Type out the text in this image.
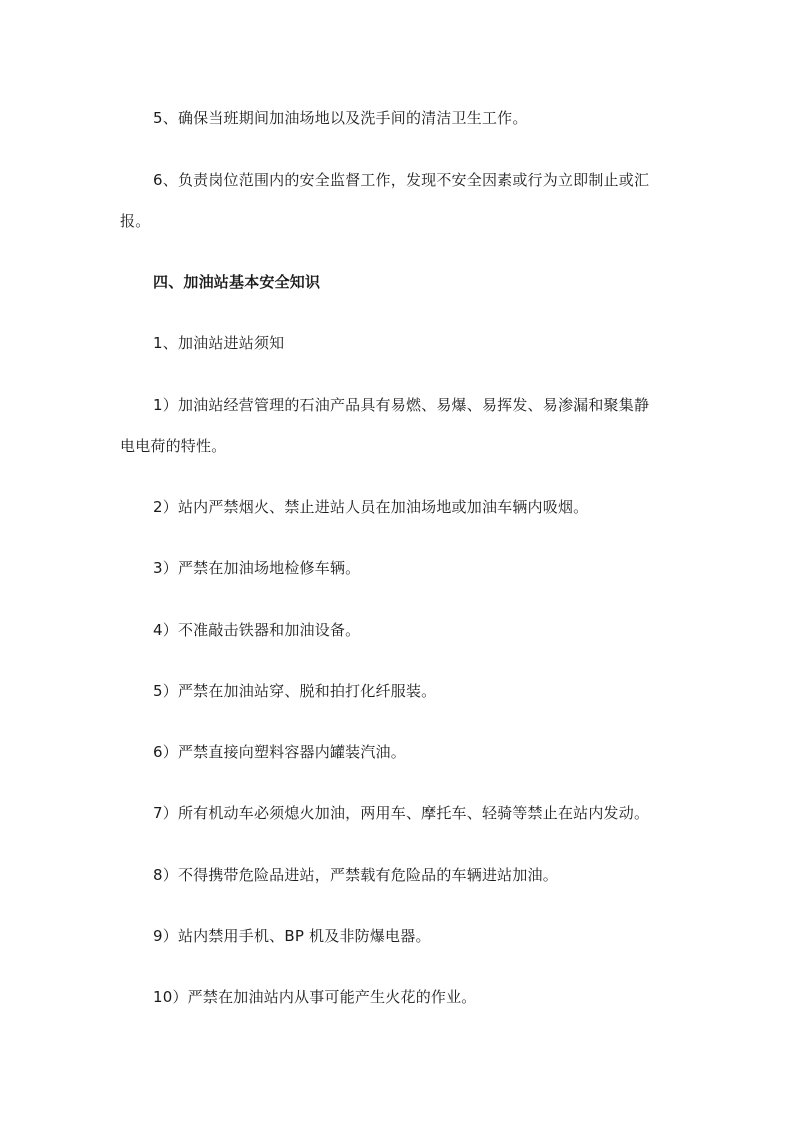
5、确保当班期间加油场地以及洗手间的清洁卫生工作。
6、负责岗位范围内的安全监督工作，发现不安全因素或行为立即制止或汇
报。
四、加油站基本安全知识
1、加油站进站须知
1）加油站经营管理的石油产品具有易燃、易爆、易挥发、易渗漏和聚集静
电电荷的特性。
2）站内严禁烟火、禁止进站人员在加油场地或加油车辆内吸烟。
3）严禁在加油场地检修车辆。
4）不准敲击铁器和加油设备。
5）严禁在加油站穿、脱和拍打化纤服装。
6）严禁直接向塑料容器内罐装汽油。
7）所有机动车必须熄火加油，两用车、摩托车、轻骑等禁止在站内发动。
8）不得携带危险品进站，严禁载有危险品的车辆进站加油。
9）站内禁用手机、BP 机及非防爆电器。
10）严禁在加油站内从事可能产生火花的作业。
